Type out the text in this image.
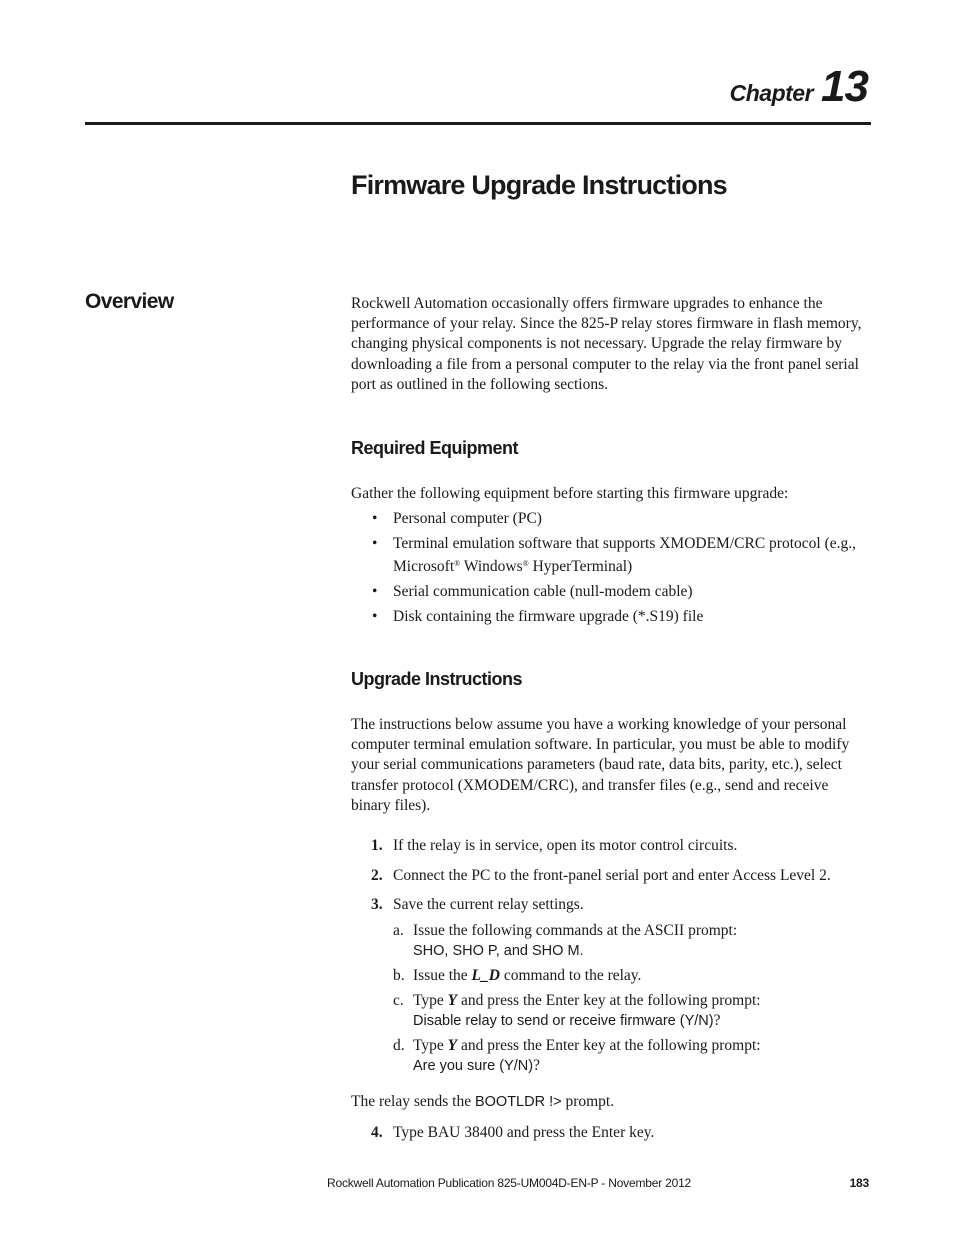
Chapter 13
Firmware Upgrade Instructions
Overview	Rockwell Automation occasionally offers firmware upgrades to enhance the performance of your relay. Since the 825-P relay stores firmware in flash memory, changing physical components is not necessary. Upgrade the relay firmware by downloading a file from a personal computer to the relay via the front panel serial port as outlined in the following sections.

Required Equipment

Gather the following equipment before starting this firmware upgrade:

• Personal computer (PC)
• Terminal emulation software that supports XMODEM/CRC protocol (e.g., Microsoft® Windows® HyperTerminal)
• Serial communication cable (null-modem cable)
• Disk containing the firmware upgrade (*.S19) file
Upgrade Instructions

The instructions below assume you have a working knowledge of your personal computer terminal emulation software. In particular, you must be able to modify your serial communications parameters (baud rate, data bits, parity, etc.), select transfer protocol (XMODEM/CRC), and transfer files (e.g., send and receive binary files).

1. If the relay is in service, open its motor control circuits.
2. Connect the PC to the front-panel serial port and enter Access Level 2.
3. Save the current relay settings.
a. Issue the following commands at the ASCII prompt:
SHO, SHO P, and SHO M.
b. Issue the L_D command to the relay.
c. Type Y and press the Enter key at the following prompt:
Disable relay to send or receive firmware (Y/N)?
d. Type Y and press the Enter key at the following prompt:
Are you sure (Y/N)?

The relay sends the BOOTLDR !> prompt.

4. Type BAU 38400 and press the Enter key.
Rockwell Automation Publication 825-UM004D-EN-P - November 2012	183
